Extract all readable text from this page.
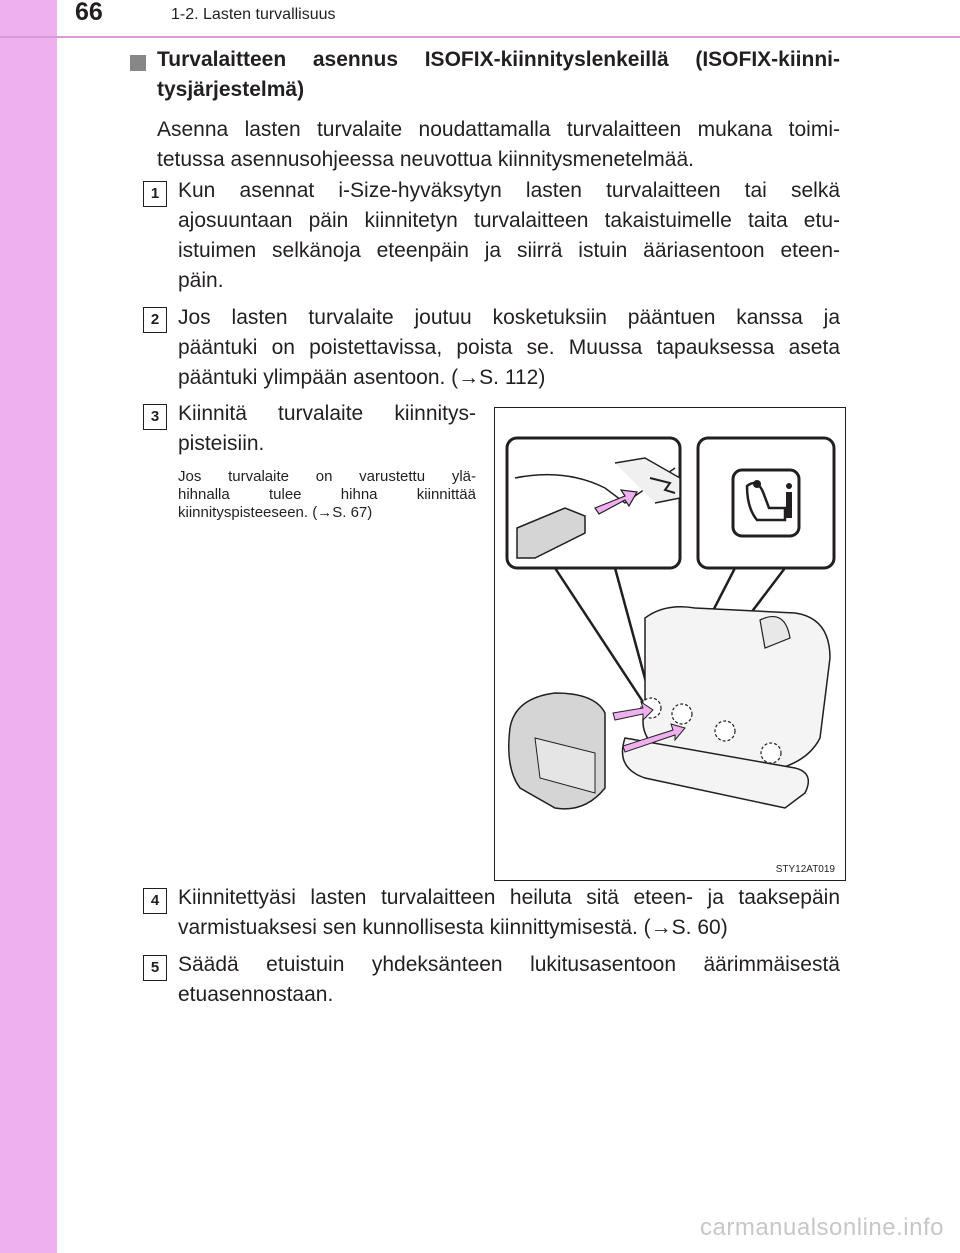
66	1-2. Lasten turvallisuus
Turvalaitteen asennus ISOFIX-kiinnityslenkeillä (ISOFIX-kiinni-
tysjärjestelmä)
Asenna lasten turvalaite noudattamalla turvalaitteen mukana toimi-
tetussa asennusohjeessa neuvottua kiinnitysmenetelmää.
1 Kun asennat i-Size-hyväksytyn lasten turvalaitteen tai selkä
ajosuuntaan päin kiinnitetyn turvalaitteen takaistuimelle taita etu-
istuimen selkänoja eteenpäin ja siirrä istuin ääriasentoon eteen-
päin.
2 Jos lasten turvalaite joutuu kosketuksiin pääntuen kanssa ja
pääntuki on poistettavissa, poista se. Muussa tapauksessa aseta
pääntuki ylimpään asentoon. (→S. 112)
3 Kiinnitä turvalaite kiinnitys-
pisteisiin.
Jos turvalaite on varustettu ylä-
hihnalla tulee hihna kiinnittää
kiinnityspisteeseen. (→S. 67)
STY12AT019
4 Kiinnitettyäsi lasten turvalaitteen heiluta sitä eteen- ja taaksepäin
varmistuaksesi sen kunnollisesta kiinnittymisestä. (→S. 60)
5 Säädä etuistuin yhdeksänteen lukitusasentoon äärimmäisestä
etuasennostaan.
carmanualsonline.info
